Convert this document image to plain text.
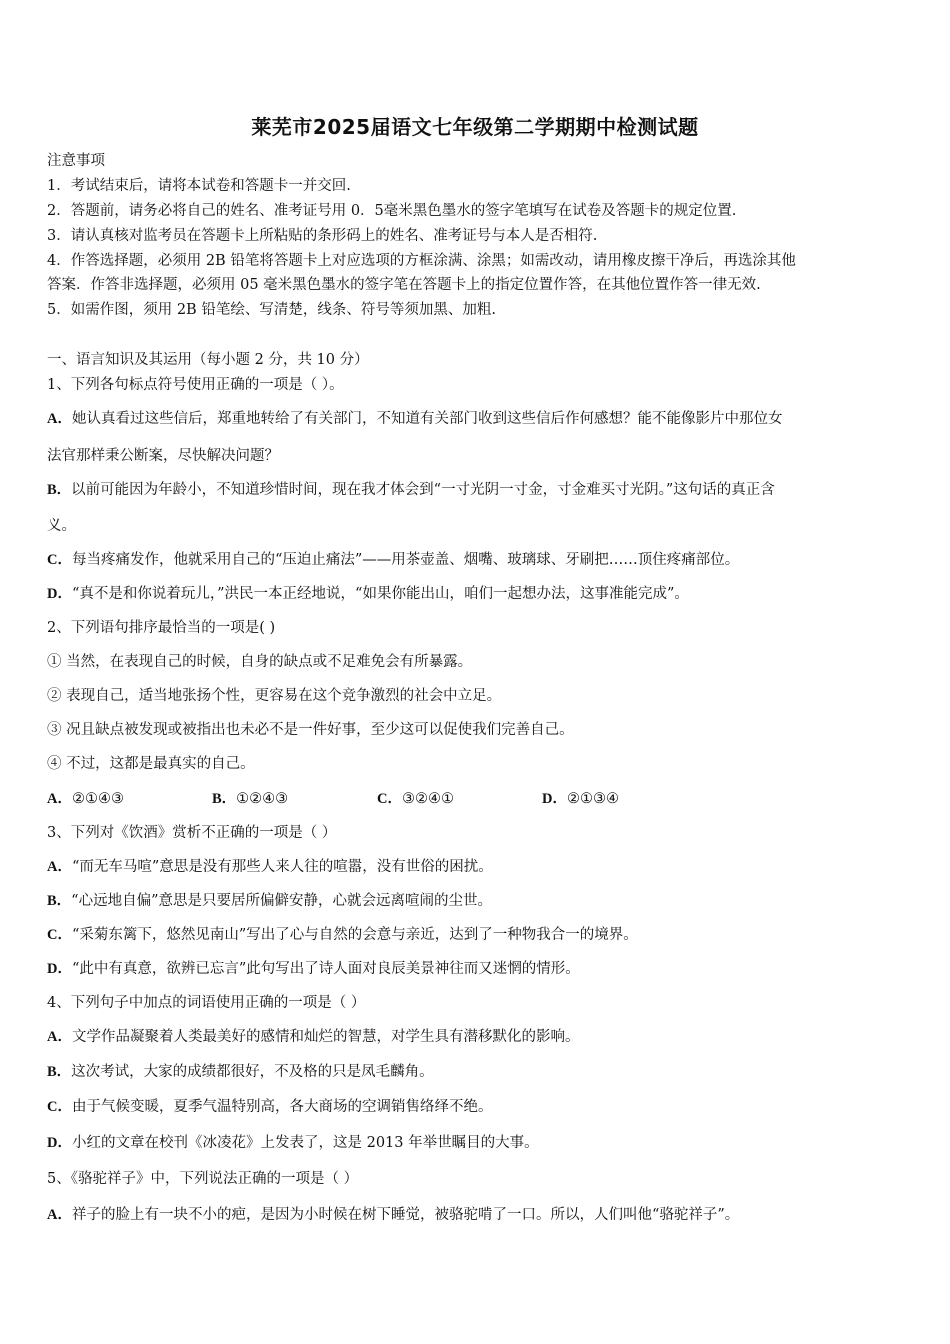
莱芜市2025届语文七年级第二学期期中检测试题
注意事项
1．考试结束后，请将本试卷和答题卡一并交回.
2．答题前，请务必将自己的姓名、准考证号用 0．5毫米黑色墨水的签字笔填写在试卷及答题卡的规定位置.
3．请认真核对监考员在答题卡上所粘贴的条形码上的姓名、准考证号与本人是否相符.
4．作答选择题，必须用 2B 铅笔将答题卡上对应选项的方框涂满、涂黑；如需改动，请用橡皮擦干净后，再选涂其他
答案．作答非选择题，必须用 05 毫米黑色墨水的签字笔在答题卡上的指定位置作答，在其他位置作答一律无效.
5．如需作图，须用 2B 铅笔绘、写清楚，线条、符号等须加黑、加粗.
一、语言知识及其运用（每小题 2 分，共 10 分）
1、下列各句标点符号使用正确的一项是（ ）。
A．她认真看过这些信后，郑重地转给了有关部门，不知道有关部门收到这些信后作何感想？能不能像影片中那位女
法官那样秉公断案，尽快解决问题？
B．以前可能因为年龄小，不知道珍惜时间，现在我才体会到“一寸光阴一寸金，寸金难买寸光阴。”这句话的真正含
义。
C．每当疼痛发作，他就采用自己的“压迫止痛法”——用茶壶盖、烟嘴、玻璃球、牙刷把……顶住疼痛部位。
D．“真不是和你说着玩儿，”洪民一本正经地说，“如果你能出山，咱们一起想办法，这事准能完成”。
2、下列语句排序最恰当的一项是( )
① 当然，在表现自己的时候，自身的缺点或不足难免会有所暴露。
② 表现自己，适当地张扬个性，更容易在这个竞争激烈的社会中立足。
③ 况且缺点被发现或被指出也未必不是一件好事，至少这可以促使我们完善自己。
④ 不过，这都是最真实的自己。
A．②①④③	B．①②④③	C．③②④①	D．②①③④
3、下列对《饮酒》赏析不正确的一项是（ ）
A．“而无车马喧”意思是没有那些人来人往的喧嚣，没有世俗的困扰。
B．“心远地自偏”意思是只要居所偏僻安静，心就会远离喧闹的尘世。
C．“采菊东篱下，悠然见南山”写出了心与自然的会意与亲近，达到了一种物我合一的境界。
D．“此中有真意，欲辨已忘言”此句写出了诗人面对良辰美景神往而又迷惘的情形。
4、下列句子中加点的词语使用正确的一项是（ ）
A．文学作品凝聚着人类最美好的感情和灿烂的智慧，对学生具有潜移默化的影响。
B．这次考试，大家的成绩都很好，不及格的只是凤毛麟角。
C．由于气候变暖，夏季气温特别高，各大商场的空调销售络绎不绝。
D．小红的文章在校刊《冰凌花》上发表了，这是 2013 年举世瞩目的大事。
5、《骆驼祥子》中，下列说法正确的一项是（ ）
A．祥子的脸上有一块不小的疤，是因为小时候在树下睡觉，被骆驼啃了一口。所以，人们叫他“骆驼祥子”。
